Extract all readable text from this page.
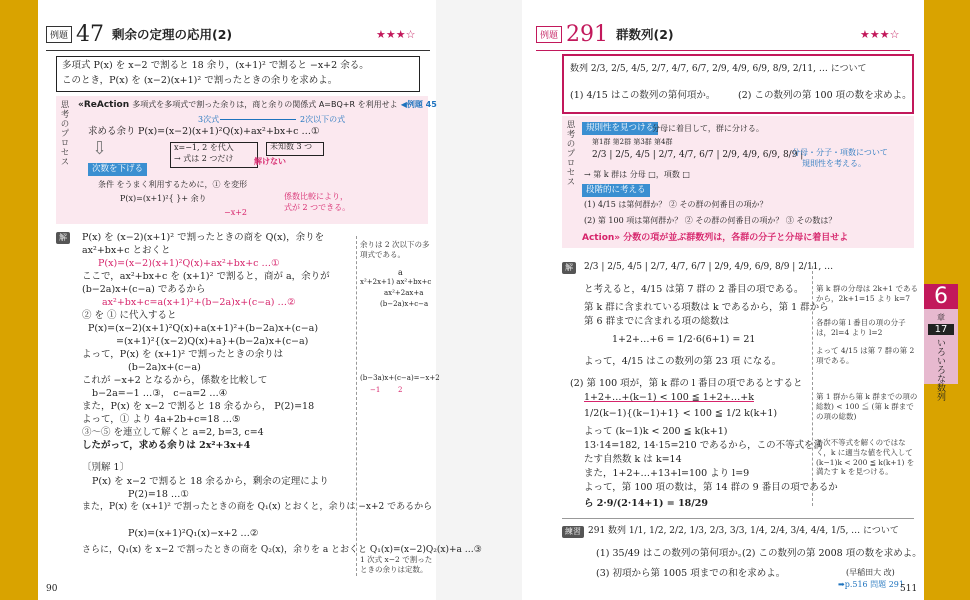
例題 47 剰余の定理の応用(2)	★★★☆
多項式 P(x) を x−2 で割ると 18 余り，(x+1)² で割ると −x+2 余る。
このとき，P(x) を (x−2)(x+1)² で割ったときの余りを求めよ。
思考のプロセス «ReAction 多項式を多項式で割った余りは，商と余りの関係式 A=BQ+R を利用せよ ◀例題 45
3次式	2次以下の式
求める余り P(x)=(x−2)(x+1)²Q(x)+ax²+bx+c …①
x=−1, 2 を代入
→ 式は 2 つだけ
未知数 3 つ
解けない
⇩
次数を下げる
条件 をうまく利用するために，① を変形
P(x)=(x+1)²{ }+ 余り	係数比較により，
式が 2 つできる。
−x+2
解	P(x) を (x−2)(x+1)² で割ったときの商を Q(x)，余りを
ax²+bx+c とおくと
P(x)=(x−2)(x+1)²Q(x)+ax²+bx+c …①
ここで，ax²+bx+c を (x+1)² で割ると，商が a，余りが
(b−2a)x+(c−a) であるから
ax²+bx+c=a(x+1)²+(b−2a)x+(c−a) …②
② を ① に代入すると
P(x)=(x−2)(x+1)²Q(x)+a(x+1)²+(b−2a)x+(c−a)
=(x+1)²{(x−2)Q(x)+a}+(b−2a)x+(c−a)
よって，P(x) を (x+1)² で割ったときの余りは
(b−2a)x+(c−a)
これが −x+2 となるから，係数を比較して
b−2a=−1 …③， c−a=2 …④
また，P(x) を x−2 で割ると 18 余るから， P(2)=18
よって，① より 4a+2b+c=18 …⑤
③〜⑤ を連立して解くと a=2, b=3, c=4
したがって，求める余りは 2x²+3x+4
〔別解 1〕
P(x) を x−2 で割ると 18 余るから，剰余の定理により
P(2)=18 …①
また，P(x) を (x+1)² で割ったときの商を Q₁(x) とおくと，余りは −x+2 であるから
P(x)=(x+1)²Q₁(x)−x+2 …②
さらに，Q₁(x) を x−2 で割ったときの商を Q₂(x)，余りを a とおくと Q₁(x)=(x−2)Q₂(x)+a …③
余りは 2 次以下の多項式である。
a
x²+2x+1) ax²+bx+c
ax²+2ax+a
(b−2a)x+c−a
(b−3a)x+(c−a)=−x+2
−1	2
1 次式 x−2 で割ったときの余りは定数。
90
例題 291 群数列(2)	★★★☆
数列 2/3, 2/5, 4/5, 2/7, 4/7, 6/7, 2/9, 4/9, 6/9, 8/9, 2/11, … について
(1) 4/15 はこの数列の第何項か。 (2) この数列の第 100 項の数を求めよ。
思考のプロセス	規則性を見つける
分母に着目して，群に分ける。
第1群 第2群 第3群 第4群
2/3 | 2/5, 4/5 | 2/7, 4/7, 6/7 | 2/9, 4/9, 6/9, 8/9 |
分母・分子・項数について
規則性を考える。
→ 第 k 群は 分母 □，項数 □
段階的に考える
(1) 4/15 は第何群か？ ② その群の何番目の項か？
(2) 第 100 項は第何群か？ ② その群の何番目の項か？ ③ その数は？
Action» 分数の項が並ぶ群数列は，各群の分子と分母に着目せよ
解	2/3 | 2/5, 4/5 | 2/7, 4/7, 6/7 | 2/9, 4/9, 6/9, 8/9 | 2/11, …
と考えると，4/15 は第 7 群の 2 番目の項である。
第 k 群に含まれている項数は k であるから，第 1 群から
第 6 群までに含まれる項の総数は
1+2+…+6 = 1/2·6(6+1) = 21
よって，4/15 はこの数列の第 23 項 になる。
(2) 第 100 項が，第 k 群の l 番目の項であるとすると
1+2+…+(k−1) < 100 ≦ 1+2+…+k
1/2(k−1){(k−1)+1} < 100 ≦ 1/2 k(k+1)
よって (k−1)k < 200 ≦ k(k+1)
13·14=182, 14·15=210 であるから，この不等式を満
たす自然数 k は k=14
また，1+2+…+13+l=100 より l=9
よって，第 100 項の数は，第 14 群の 9 番目の項であるか
ら 2·9/(2·14+1) = 18/29
第 k 群の分母は 2k+1 であるから，2k+1=15 より k=7
各群の第 l 番目の項の分子は，2l=4 より l=2
よって 4/15 は第 7 群の第 2 項である。
第 1 群から第 k 群までの項の総数) < 100 ≦ (第 k 群までの項の総数)
2 次不等式を解くのではなく，k に適当な値を代入して (k−1)k < 200 ≦ k(k+1) を満たす k を見つける。
練習 291 数列 1/1, 1/2, 2/2, 1/3, 2/3, 3/3, 1/4, 2/4, 3/4, 4/4, 1/5, … について
(1) 35/49 はこの数列の第何項か。
(2) この数列の第 2008 項の数を求めよ。
(3) 初項から第 1005 項までの和を求めよ。	(早稲田大 改)
➡p.516 問題 291
511
6
章
17
いろいろな数列
